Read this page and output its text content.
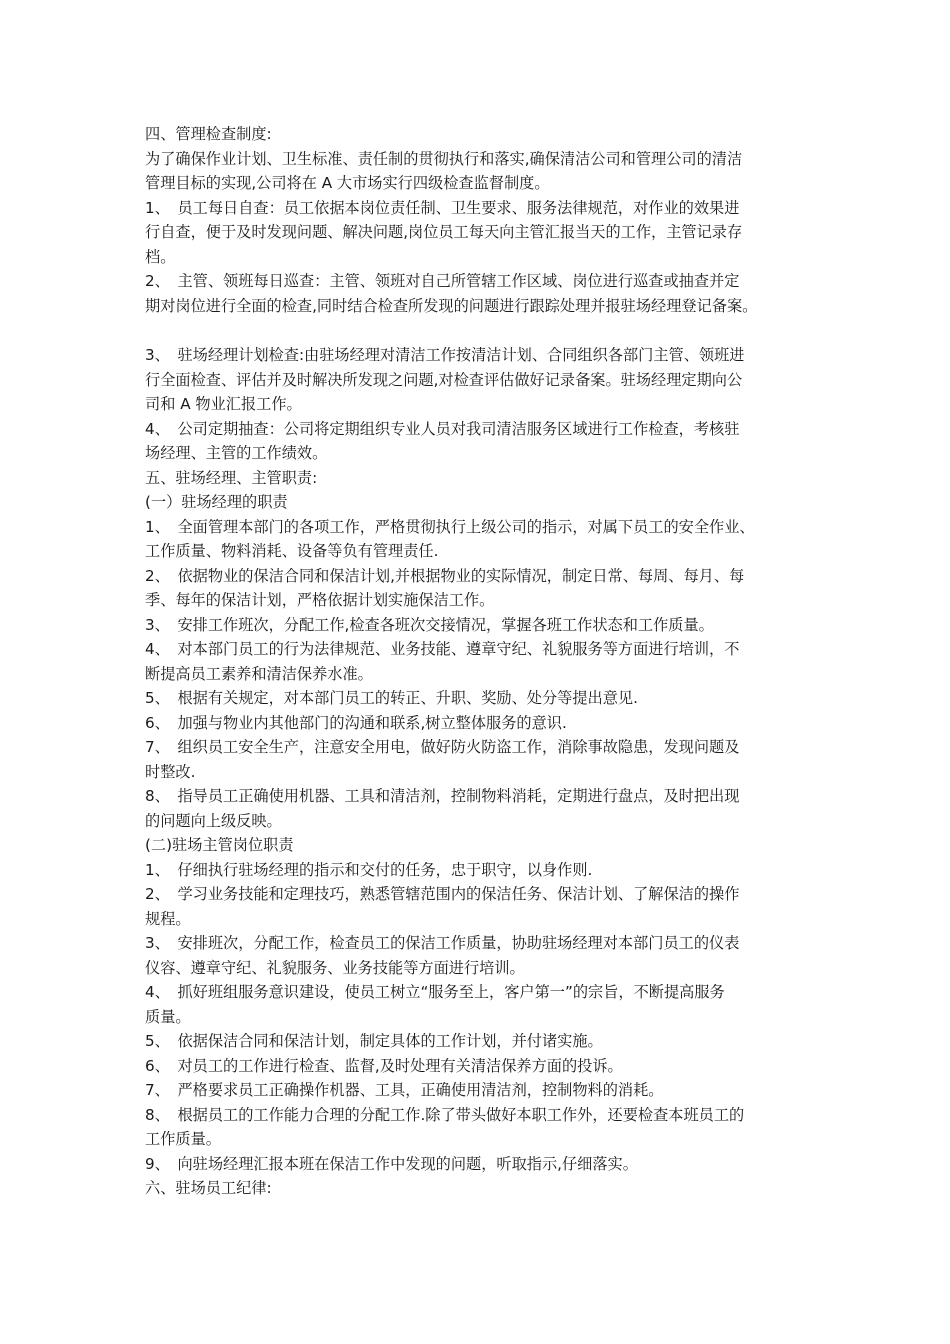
四、管理检查制度:
为了确保作业计划、卫生标准、责任制的贯彻执行和落实,确保清洁公司和管理公司的清洁
管理目标的实现,公司将在 A 大市场实行四级检查监督制度。
1、　员工每日自查：员工依据本岗位责任制、卫生要求、服务法律规范，对作业的效果进
行自查，便于及时发现问题、解决问题,岗位员工每天向主管汇报当天的工作，主管记录存
档。
2、　主管、领班每日巡查：主管、领班对自己所管辖工作区域、岗位进行巡查或抽查并定
期对岗位进行全面的检查,同时结合检查所发现的问题进行跟踪处理并报驻场经理登记备案。
3、　驻场经理计划检查:由驻场经理对清洁工作按清洁计划、合同组织各部门主管、领班进
行全面检查、评估并及时解决所发现之问题,对检查评估做好记录备案。驻场经理定期向公
司和 A 物业汇报工作。
4、　公司定期抽查：公司将定期组织专业人员对我司清洁服务区域进行工作检查，考核驻
场经理、主管的工作绩效。
五、驻场经理、主管职责:
(一）驻场经理的职责
1、　全面管理本部门的各项工作，严格贯彻执行上级公司的指示，对属下员工的安全作业、
工作质量、物料消耗、设备等负有管理责任.
2、　依据物业的保洁合同和保洁计划,并根据物业的实际情况，制定日常、每周、每月、每
季、每年的保洁计划，严格依据计划实施保洁工作。
3、　安排工作班次，分配工作,检查各班次交接情况，掌握各班工作状态和工作质量。
4、　对本部门员工的行为法律规范、业务技能、遵章守纪、礼貌服务等方面进行培训，不
断提高员工素养和清洁保养水准。
5、　根据有关规定，对本部门员工的转正、升职、奖励、处分等提出意见.
6、　加强与物业内其他部门的沟通和联系,树立整体服务的意识.
7、　组织员工安全生产，注意安全用电，做好防火防盗工作，消除事故隐患，发现问题及
时整改.
8、　指导员工正确使用机器、工具和清洁剂，控制物料消耗，定期进行盘点，及时把出现
的问题向上级反映。
(二)驻场主管岗位职责
1、　仔细执行驻场经理的指示和交付的任务，忠于职守，以身作则.
2、　学习业务技能和定理技巧，熟悉管辖范围内的保洁任务、保洁计划、了解保洁的操作
规程。
3、　安排班次，分配工作，检查员工的保洁工作质量，协助驻场经理对本部门员工的仪表
仪容、遵章守纪、礼貌服务、业务技能等方面进行培训。
4、　抓好班组服务意识建设，使员工树立“服务至上，客户第一”的宗旨，不断提高服务
质量。
5、　依据保洁合同和保洁计划，制定具体的工作计划，并付诸实施。
6、　对员工的工作进行检查、监督,及时处理有关清洁保养方面的投诉。
7、　严格要求员工正确操作机器、工具，正确使用清洁剂，控制物料的消耗。
8、　根据员工的工作能力合理的分配工作.除了带头做好本职工作外，还要检查本班员工的
工作质量。
9、　向驻场经理汇报本班在保洁工作中发现的问题，听取指示,仔细落实。
六、驻场员工纪律:
